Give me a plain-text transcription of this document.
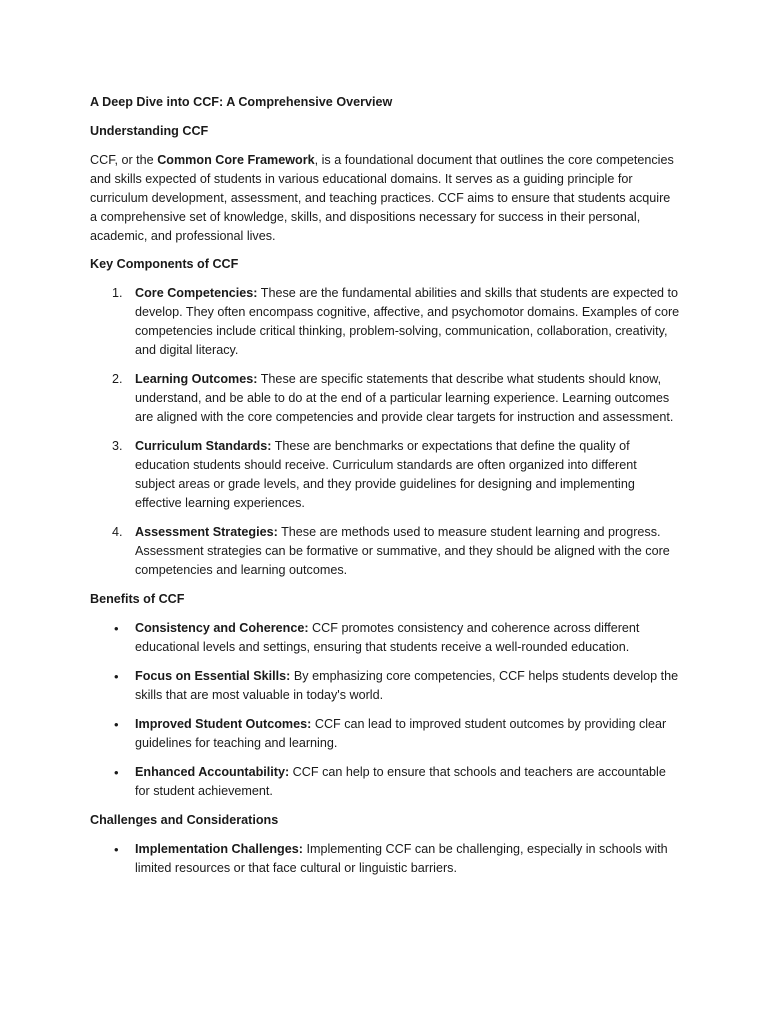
A Deep Dive into CCF: A Comprehensive Overview

Understanding CCF

CCF, or the Common Core Framework, is a foundational document that outlines the core competencies and skills expected of students in various educational domains. It serves as a guiding principle for curriculum development, assessment, and teaching practices. CCF aims to ensure that students acquire a comprehensive set of knowledge, skills, and dispositions necessary for success in their personal, academic, and professional lives.

Key Components of CCF

1. Core Competencies: These are the fundamental abilities and skills that students are expected to develop. They often encompass cognitive, affective, and psychomotor domains. Examples of core competencies include critical thinking, problem-solving, communication, collaboration, creativity, and digital literacy.
2. Learning Outcomes: These are specific statements that describe what students should know, understand, and be able to do at the end of a particular learning experience. Learning outcomes are aligned with the core competencies and provide clear targets for instruction and assessment.
3. Curriculum Standards: These are benchmarks or expectations that define the quality of education students should receive. Curriculum standards are often organized into different subject areas or grade levels, and they provide guidelines for designing and implementing effective learning experiences.
4. Assessment Strategies: These are methods used to measure student learning and progress. Assessment strategies can be formative or summative, and they should be aligned with the core competencies and learning outcomes.

Benefits of CCF

• Consistency and Coherence: CCF promotes consistency and coherence across different educational levels and settings, ensuring that students receive a well-rounded education.
• Focus on Essential Skills: By emphasizing core competencies, CCF helps students develop the skills that are most valuable in today's world.
• Improved Student Outcomes: CCF can lead to improved student outcomes by providing clear guidelines for teaching and learning.
• Enhanced Accountability: CCF can help to ensure that schools and teachers are accountable for student achievement.

Challenges and Considerations

• Implementation Challenges: Implementing CCF can be challenging, especially in schools with limited resources or that face cultural or linguistic barriers.
